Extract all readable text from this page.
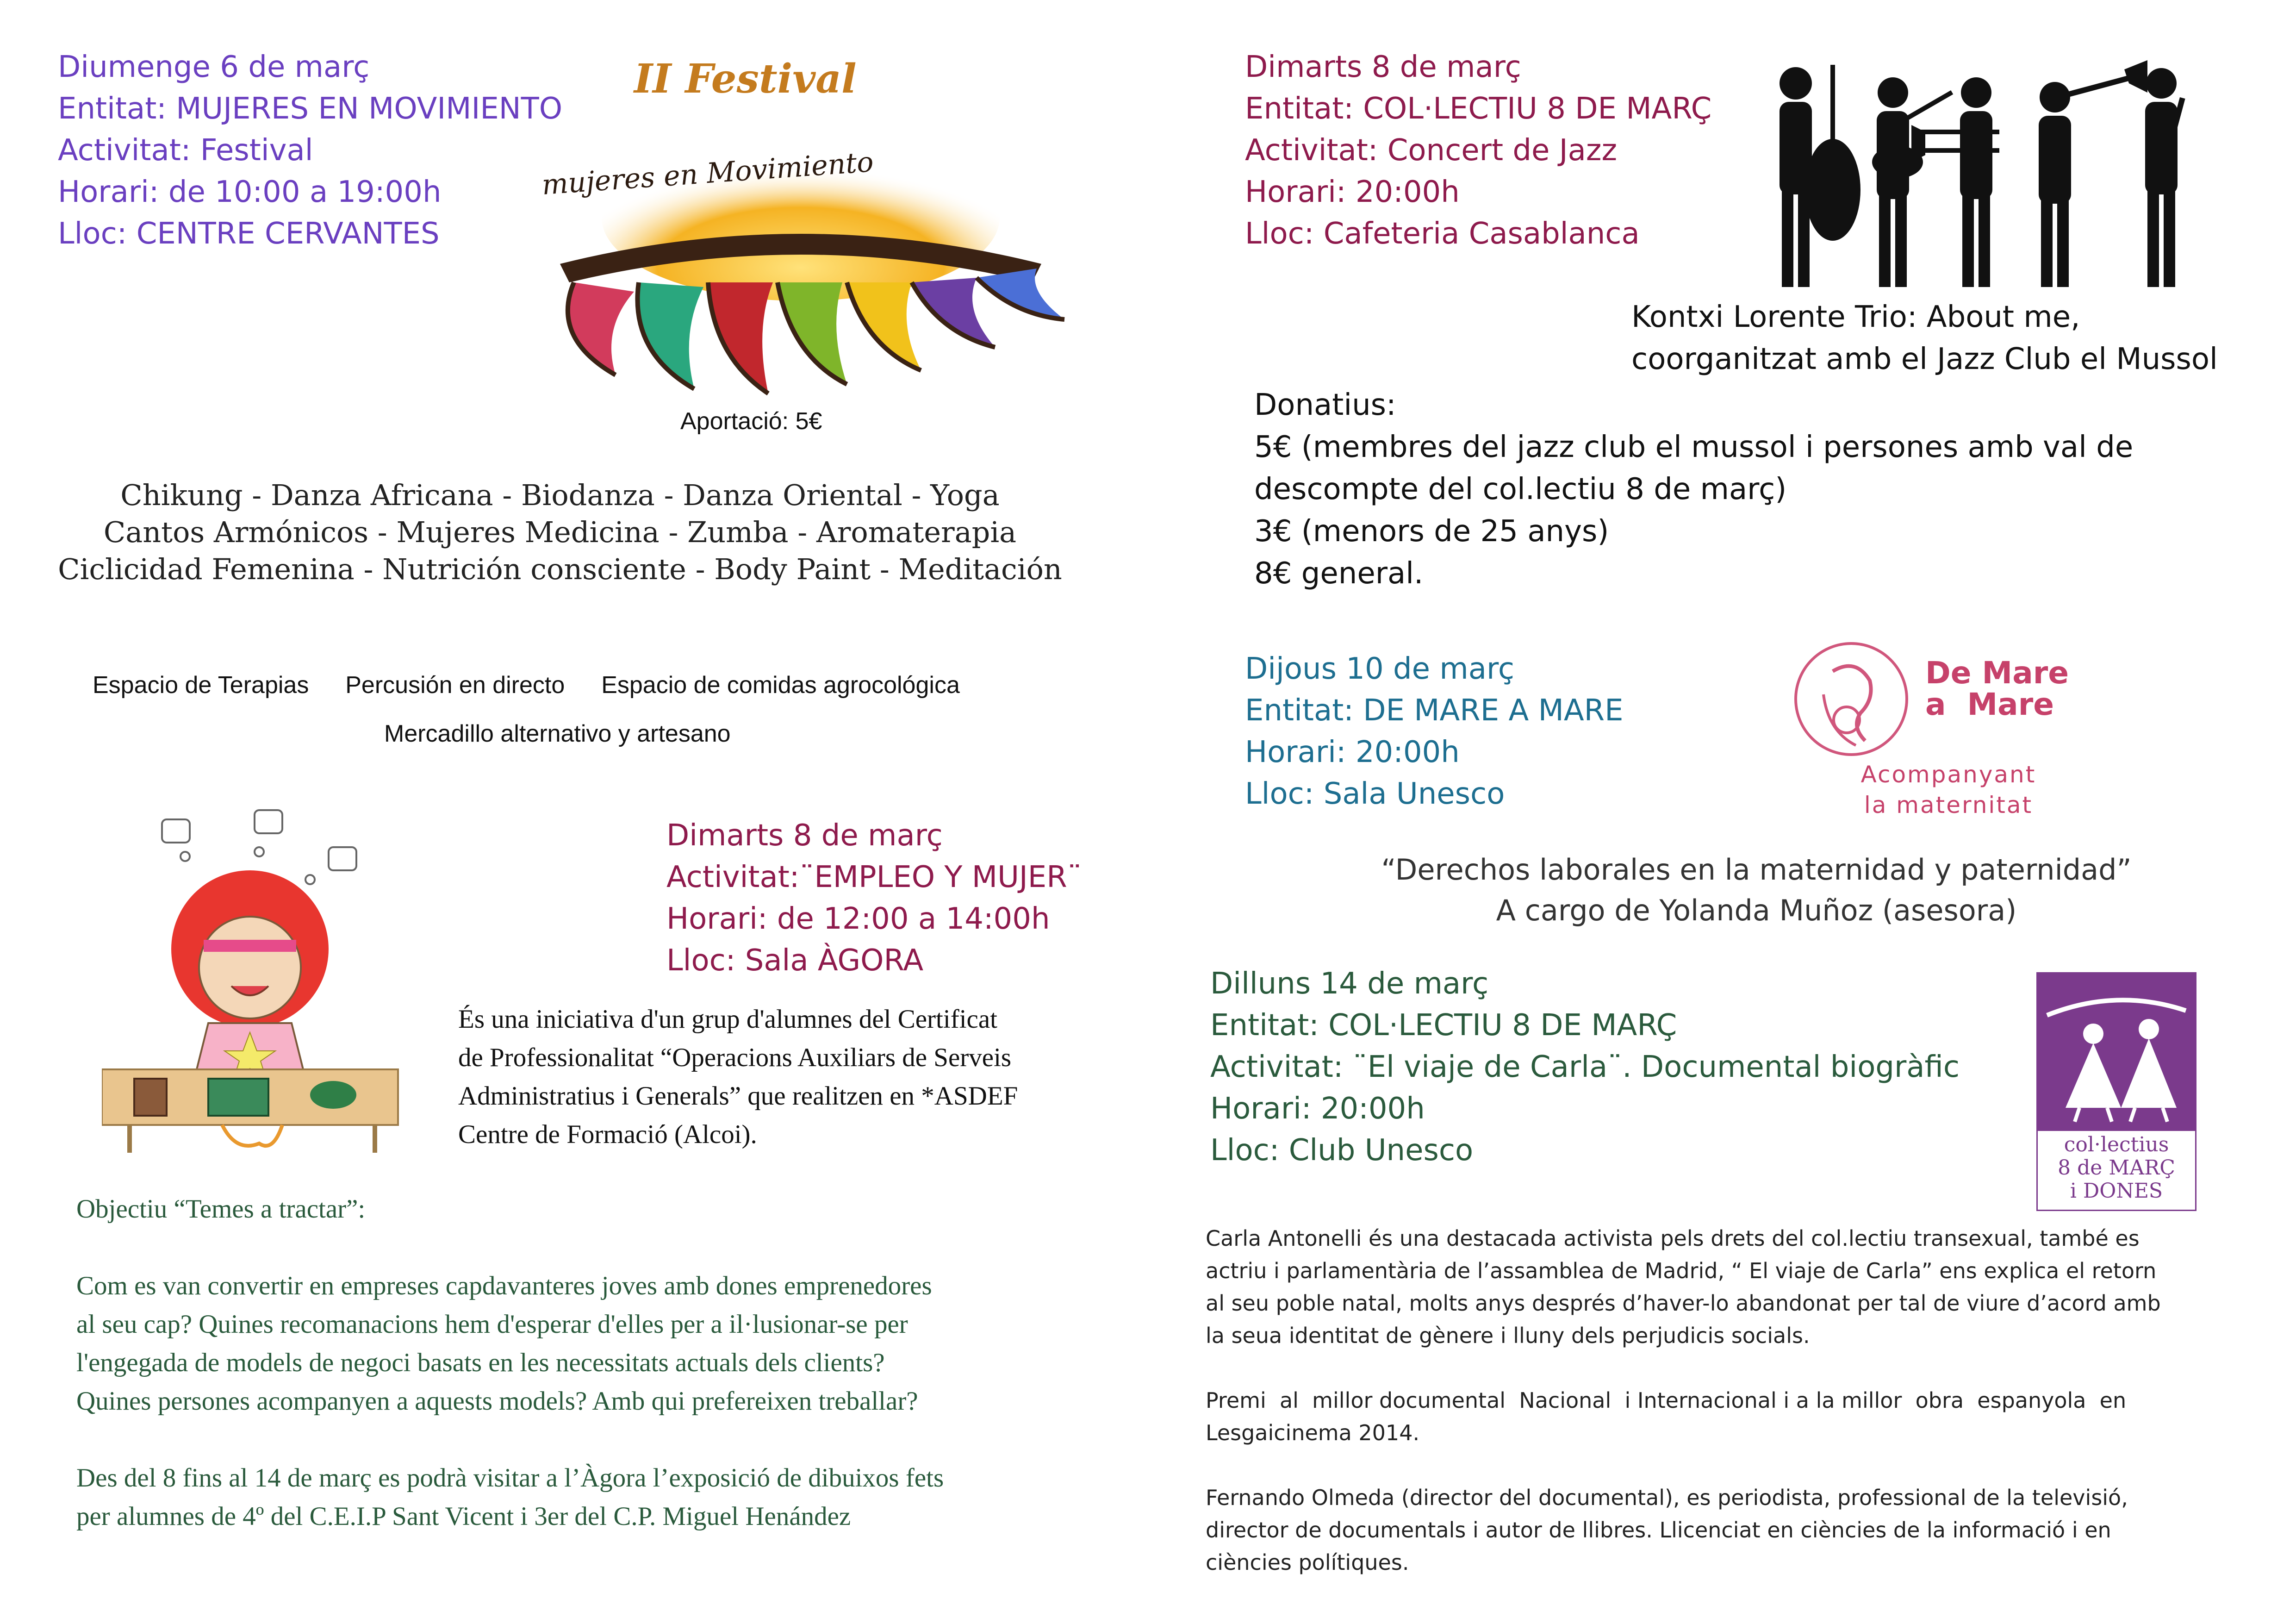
Diumenge 6 de març
Entitat: MUJERES EN MOVIMIENTO
Activitat: Festival
Horari: de 10:00 a 19:00h
Lloc: CENTRE CERVANTES
II Festival
mujeres en Movimiento
Aportació: 5€
Chikung - Danza Africana - Biodanza - Danza Oriental - Yoga
Cantos Armónicos - Mujeres Medicina - Zumba - Aromaterapia
Ciclicidad Femenina - Nutrición consciente - Body Paint - Meditación
Espacio de Terapias Percusión en directo Espacio de comidas agrocológica
Mercadillo alternativo y artesano
Dimarts 8 de març
Activitat:¨EMPLEO Y MUJER¨
Horari: de 12:00 a 14:00h
Lloc: Sala ÀGORA
És una iniciativa d'un grup d'alumnes del Certificat
de Professionalitat “Operacions Auxiliars de Serveis
Administratius i Generals” que realitzen en *ASDEF
Centre de Formació (Alcoi).
Objectiu “Temes a tractar”:
Com es van convertir en empreses capdavanteres joves amb dones emprenedores
al seu cap? Quines recomanacions hem d'esperar d'elles per a il·lusionar-se per
l'engegada de models de negoci basats en les necessitats actuals dels clients?
Quines persones acompanyen a aquests models? Amb qui prefereixen treballar?
Des del 8 fins al 14 de març es podrà visitar a l’Àgora l’exposició de dibuixos fets
per alumnes de 4º del C.E.I.P Sant Vicent i 3er del C.P. Miguel Henández
Dimarts 8 de març
Entitat: COL·LECTIU 8 DE MARÇ
Activitat: Concert de Jazz
Horari: 20:00h
Lloc: Cafeteria Casablanca
Kontxi Lorente Trio: About me,
coorganitzat amb el Jazz Club el Mussol
Donatius:
5€ (membres del jazz club el mussol i persones amb val de
descompte del col.lectiu 8 de març)
3€ (menors de 25 anys)
8€ general.
Dijous 10 de març
Entitat: DE MARE A MARE
Horari: 20:00h
Lloc: Sala Unesco
De Mare
a  Mare
Acompanyant
la maternitat
“Derechos laborales en la maternidad y paternidad”
A cargo de Yolanda Muñoz (asesora)
Dilluns 14 de març
Entitat: COL·LECTIU 8 DE MARÇ
Activitat: ¨El viaje de Carla¨. Documental biogràfic
Horari: 20:00h
Lloc: Club Unesco	col·lectius
8 de MARÇ
i DONES
Carla Antonelli és una destacada activista pels drets del col.lectiu transexual, també es
actriu i parlamentària de l’assamblea de Madrid, “ El viaje de Carla” ens explica el retorn
al seu poble natal, molts anys després d’haver-lo abandonat per tal de viure d’acord amb
la seua identitat de gènere i lluny dels perjudicis socials.
Premi  al  millor documental  Nacional  i Internacional i a la millor  obra  espanyola  en
Lesgaicinema 2014.
Fernando Olmeda (director del documental), es periodista, professional de la televisió,
director de documentals i autor de llibres. Llicenciat en ciències de la informació i en
ciències polítiques.
